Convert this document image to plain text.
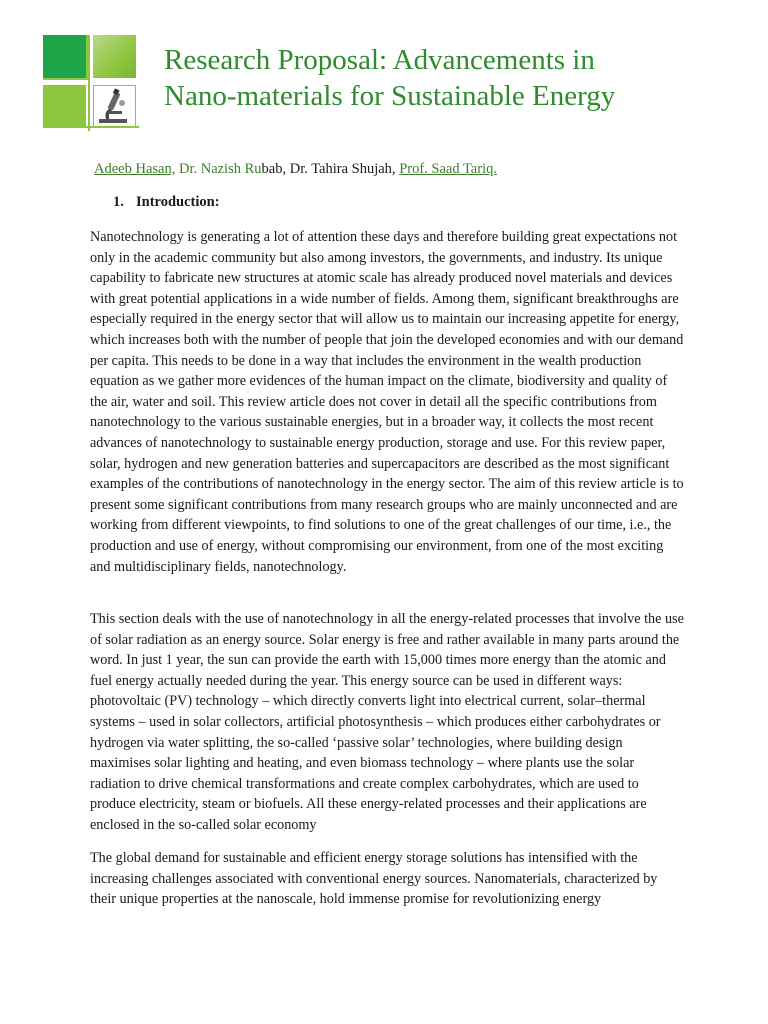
Research Proposal: Advancements in
Nano-materials for Sustainable Energy

Adeeb Hasan, Dr. Nazish Rubab, Dr. Tahira Shujah, Prof. Saad Tariq.

1. Introduction:

Nanotechnology is generating a lot of attention these days and therefore building great expectations not only in the academic community but also among investors, the governments, and industry. Its unique capability to fabricate new structures at atomic scale has already produced novel materials and devices with great potential applications in a wide number of fields. Among them, significant breakthroughs are especially required in the energy sector that will allow us to maintain our increasing appetite for energy, which increases both with the number of people that join the developed economies and with our demand per capita. This needs to be done in a way that includes the environment in the wealth production equation as we gather more evidences of the human impact on the climate, biodiversity and quality of the air, water and soil. This review article does not cover in detail all the specific contributions from nanotechnology to the various sustainable energies, but in a broader way, it collects the most recent advances of nanotechnology to sustainable energy production, storage and use. For this review paper, solar, hydrogen and new generation batteries and supercapacitors are described as the most significant examples of the contributions of nanotechnology in the energy sector. The aim of this review article is to present some significant contributions from many research groups who are mainly unconnected and are working from different viewpoints, to find solutions to one of the great challenges of our time, i.e., the production and use of energy, without compromising our environment, from one of the most exciting and multidisciplinary fields, nanotechnology.

This section deals with the use of nanotechnology in all the energy-related processes that involve the use of solar radiation as an energy source. Solar energy is free and rather available in many parts around the word. In just 1 year, the sun can provide the earth with 15,000 times more energy than the atomic and fuel energy actually needed during the year. This energy source can be used in different ways: photovoltaic (PV) technology – which directly converts light into electrical current, solar–thermal systems – used in solar collectors, artificial photosynthesis – which produces either carbohydrates or hydrogen via water splitting, the so-called ‘passive solar’ technologies, where building design maximises solar lighting and heating, and even biomass technology – where plants use the solar radiation to drive chemical transformations and create complex carbohydrates, which are used to produce electricity, steam or biofuels. All these energy-related processes and their applications are enclosed in the so-called solar economy

The global demand for sustainable and efficient energy storage solutions has intensified with the increasing challenges associated with conventional energy sources. Nanomaterials, characterized by their unique properties at the nanoscale, hold immense promise for revolutionizing energy
